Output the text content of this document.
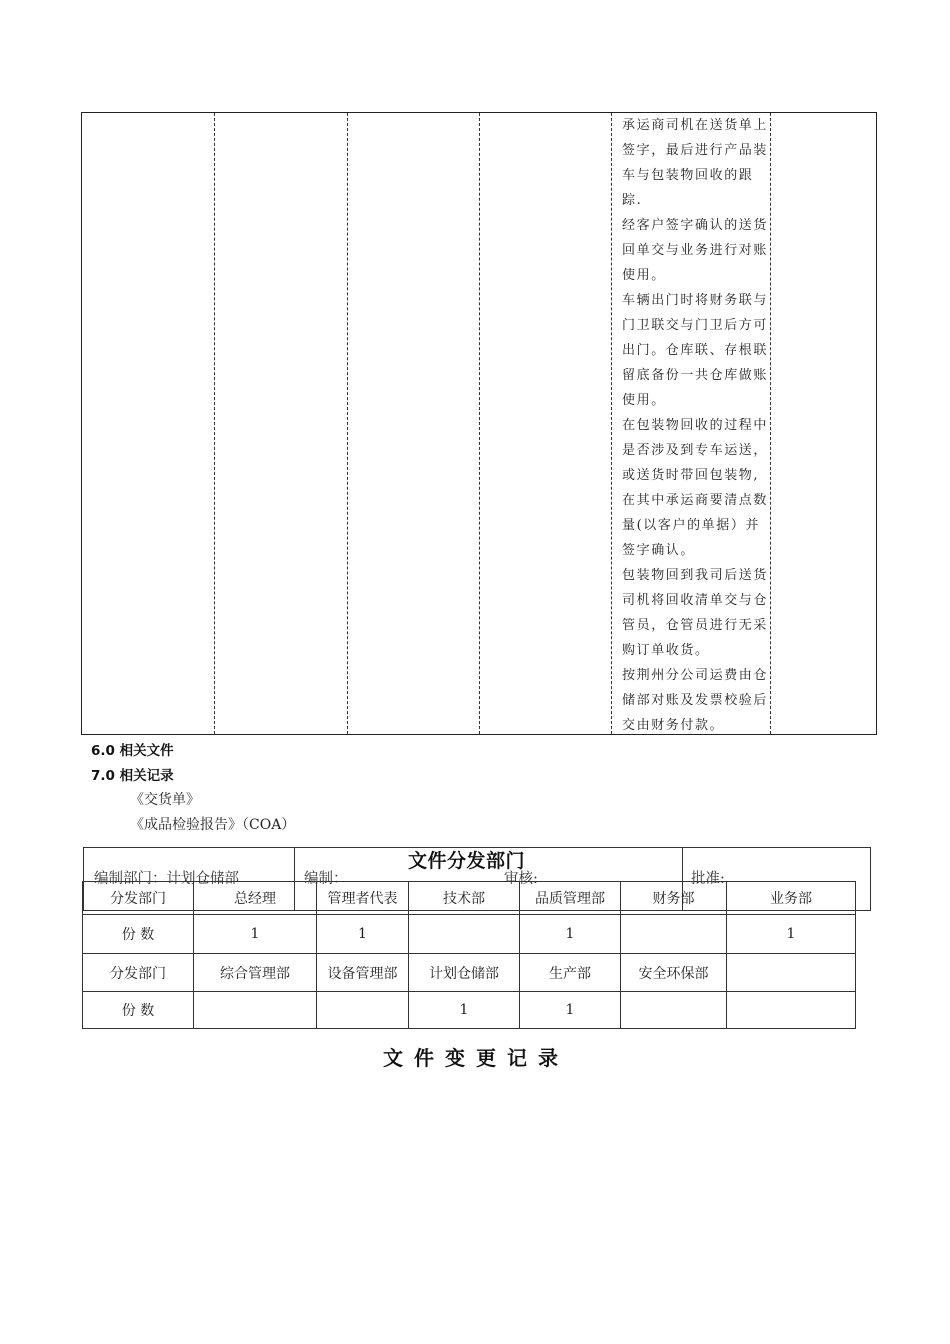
承运商司机在送货单上签字，最后进行产品装车与包装物回收的跟踪.
经客户签字确认的送货回单交与业务进行对账使用。
车辆出门时将财务联与门卫联交与门卫后方可出门。仓库联、存根联留底备份一共仓库做账使用。
在包装物回收的过程中是否涉及到专车运送，或送货时带回包装物,在其中承运商要清点数量(以客户的单据）并签字确认。
包装物回到我司后送货司机将回收清单交与仓管员，仓管员进行无采购订单收货。
按荆州分公司运费由仓储部对账及发票校验后交由财务付款。
6.0 相关文件
7.0 相关记录
《交货单》
《成品检验报告》（COA）
编制部门：计划仓储部	编制：	审核:	批准:
文件分发部门
分发部门	总经理	管理者代表	技术部	品质管理部	财务部	业务部
份 数	1	1		1		1
分发部门	综合管理部	设备管理部	计划仓储部	生产部	安全环保部	
份 数			1	1		
文件变更记录
